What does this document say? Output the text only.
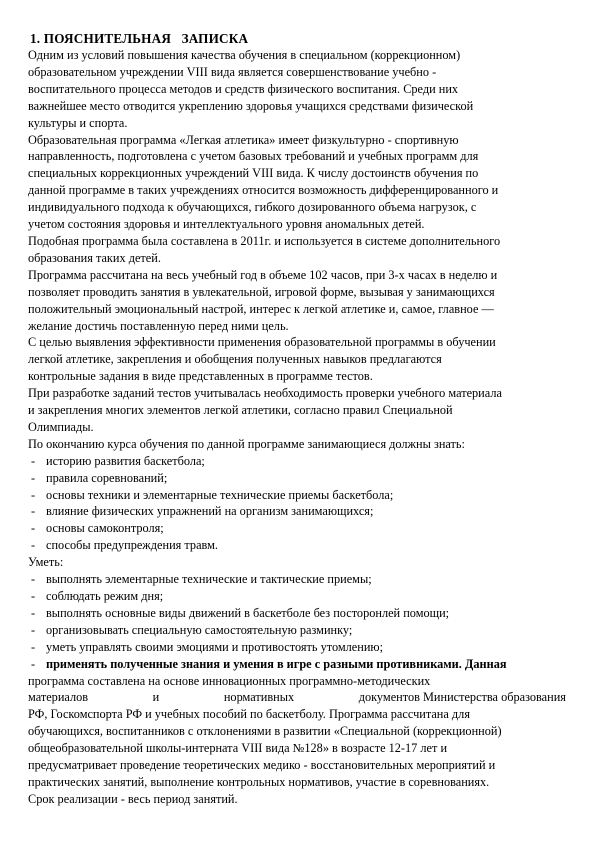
1. ПОЯСНИТЕЛЬНАЯ   ЗАПИСКА
Одним из условий повышения качества обучения в специальном (коррекционном)
образовательном учреждении VIII вида является совершенствование учебно -
воспитательного процесса методов и средств физического воспитания. Среди них
важнейшее место отводится укреплению здоровья учащихся средствами физической
культуры и спорта.
Образовательная программа «Легкая атлетика» имеет физкультурно - спортивную
направленность, подготовлена с учетом базовых требований и учебных программ для
специальных коррекционных учреждений VIII вида. К числу достоинств обучения по
данной программе в таких учреждениях относится возможность дифференцированного и
индивидуального подхода к обучающихся, гибкого дозированного объема нагрузок, с
учетом состояния здоровья и интеллектуального уровня аномальных детей.
Подобная программа была составлена в 2011г. и используется в системе дополнительного
образования таких детей.
Программа рассчитана на весь учебный год в объеме 102 часов, при 3-х часах в неделю и
позволяет проводить занятия в увлекательной, игровой форме, вызывая у занимающихся
положительный эмоциональный настрой, интерес к легкой атлетике и, самое, главное —
желание достичь поставленную перед ними цель.
С целью выявления эффективности применения образовательной программы в обучении
легкой атлетике, закрепления и обобщения полученных навыков предлагаются
контрольные задания в виде представленных в программе тестов.
При разработке заданий тестов учитывалась необходимость проверки учебного материала
и закрепления многих элементов легкой атлетики, согласно правил Специальной
Олимпиады.
По окончанию курса обучения по данной программе занимающиеся должны знать:
- историю развития баскетбола;
- правила соревнований;
- основы техники и элементарные технические приемы баскетбола;
- влияние физических упражнений на организм занимающихся;
- основы самоконтроля;
- способы предупреждения травм.
Уметь:
- выполнять элементарные технические и тактические приемы;
- соблюдать режим дня;
- выполнять основные виды движений в баскетболе без посторонлей помощи;
- организовывать специальную самостоятельную разминку;
- уметь управлять своими эмоциями и противостоять утомлению;
- применять полученные знания и умения в игре с разными противниками. Данная
программа составлена на основе инновационных программно-методических
материалов	и	нормативных	документов Министерства образования
РФ, Госкомспорта РФ и учебных пособий по баскетболу. Программа рассчитана для
обучающихся, воспитанников с отклонениями в развитии «Специальной (коррекционной)
общеобразовательной школы-интерната VIII вида №128» в возрасте 12-17 лет и
предусматривает проведение теоретических медико - восстановительных мероприятий и
практических занятий, выполнение контрольных нормативов, участие в соревнованиях.
Срок реализации - весь период занятий.
